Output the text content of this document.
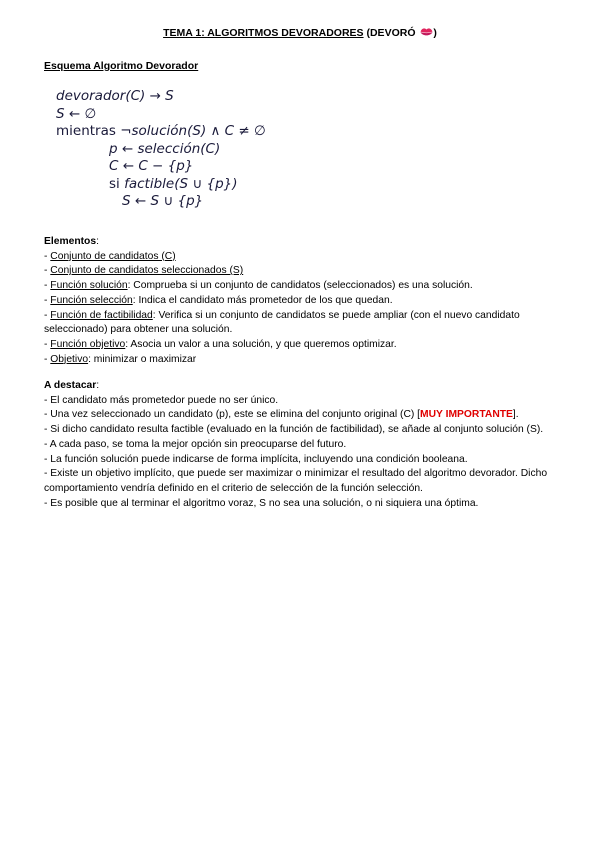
TEMA 1: ALGORITMOS DEVORADORES (DEVORÓ )
Esquema Algoritmo Devorador
devorador(C) → S
S ← ∅
mientras ¬solución(S) ∧ C ≠ ∅
p ← selección(C)
C ← C − {p}
si factible(S ∪ {p})
S ← S ∪ {p}
Elementos:
- Conjunto de candidatos (C)
- Conjunto de candidatos seleccionados (S)
- Función solución: Comprueba si un conjunto de candidatos (seleccionados) es una solución.
- Función selección: Indica el candidato más prometedor de los que quedan.
- Función de factibilidad: Verifica si un conjunto de candidatos se puede ampliar (con el nuevo candidato seleccionado) para obtener una solución.
- Función objetivo: Asocia un valor a una solución, y que queremos optimizar.
- Objetivo: minimizar o maximizar
A destacar:
- El candidato más prometedor puede no ser único.
- Una vez seleccionado un candidato (p), este se elimina del conjunto original (C) [MUY IMPORTANTE].
- Si dicho candidato resulta factible (evaluado en la función de factibilidad), se añade al conjunto solución (S).
- A cada paso, se toma la mejor opción sin preocuparse del futuro.
- La función solución puede indicarse de forma implícita, incluyendo una condición booleana.
- Existe un objetivo implícito, que puede ser maximizar o minimizar el resultado del algoritmo devorador. Dicho comportamiento vendría definido en el criterio de selección de la función selección.
- Es posible que al terminar el algoritmo voraz, S no sea una solución, o ni siquiera una óptima.
